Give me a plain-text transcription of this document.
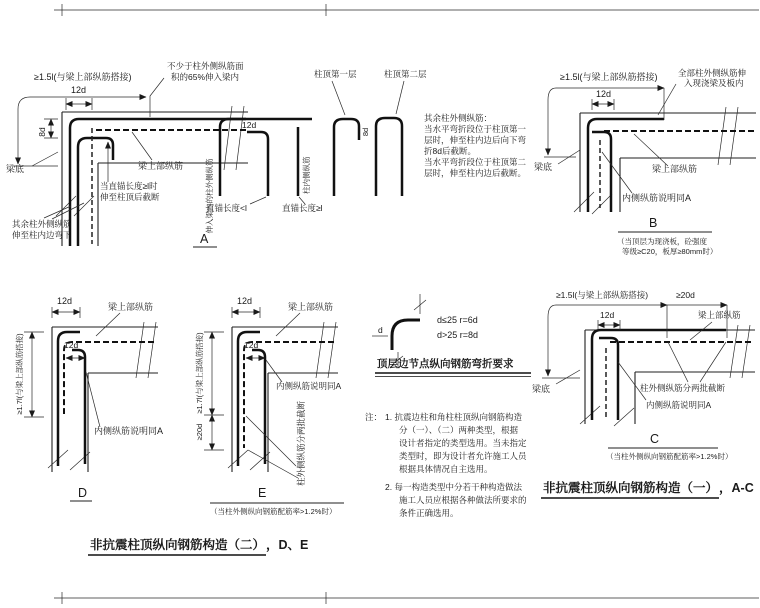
≥1.5l(与梁上部纵筋搭接)
不少于柱外侧纵筋面
积的65%伸入梁内
12d
8d
梁上部纵筋
当直锚长度≥l时
伸至柱顶后截断
梁底
其余柱外侧纵筋
伸至柱内边弯下	A
伸入梁内的柱外侧纵筋
12d
直锚长度<l
柱内侧纵筋
直锚长度≥l
柱顶第一层	柱顶第二层
8d
其余柱外侧纵筋：
当水平弯折段位于柱顶第一
层时，伸至柱内边后向下弯
折8d后截断。
当水平弯折段位于柱顶第二
层时，伸至柱内边后截断。
≥1.5l(与梁上部纵筋搭接) 全部柱外侧纵筋伸
入现浇梁及板内
12d
梁上部纵筋
内侧纵筋说明同A
梁底
B
（当顶层为现浇板，砼强度
等级≥C20，板厚≥80mm时）
12d
梁上部纵筋
≥1.7l(与梁上部纵筋搭接)	12d
内侧纵筋说明同A
D
12d
梁上部纵筋
≥1.7l(与梁上部纵筋搭接)
≥20d
12d
内侧纵筋说明同A
柱外侧纵筋分两批截断
E
（当柱外侧纵向钢筋配筋率>1.2%时）
d
d≤25 r=6d
d>25 r=8d
顶层边节点纵向钢筋弯折要求
注： 1. 抗震边柱和角柱柱顶纵向钢筋构造
分（一）、（二）两种类型，根据
设计者指定的类型选用。当未指定
类型时，即为设计者允许施工人员
根据具体情况自主选用。
2. 每一构造类型中分若干种构造做法
施工人员应根据各种做法所要求的
条件正确选用。
≥1.5l(与梁上部纵筋搭接)	≥20d
12d	梁上部纵筋
柱外侧纵筋分两批截断
内侧纵筋说明同A
梁底
C
（当柱外侧纵向钢筋配筋率>1.2%时）
非抗震柱顶纵向钢筋构造（二） ，D、E
非抗震柱顶纵向钢筋构造（一） ，A-C
